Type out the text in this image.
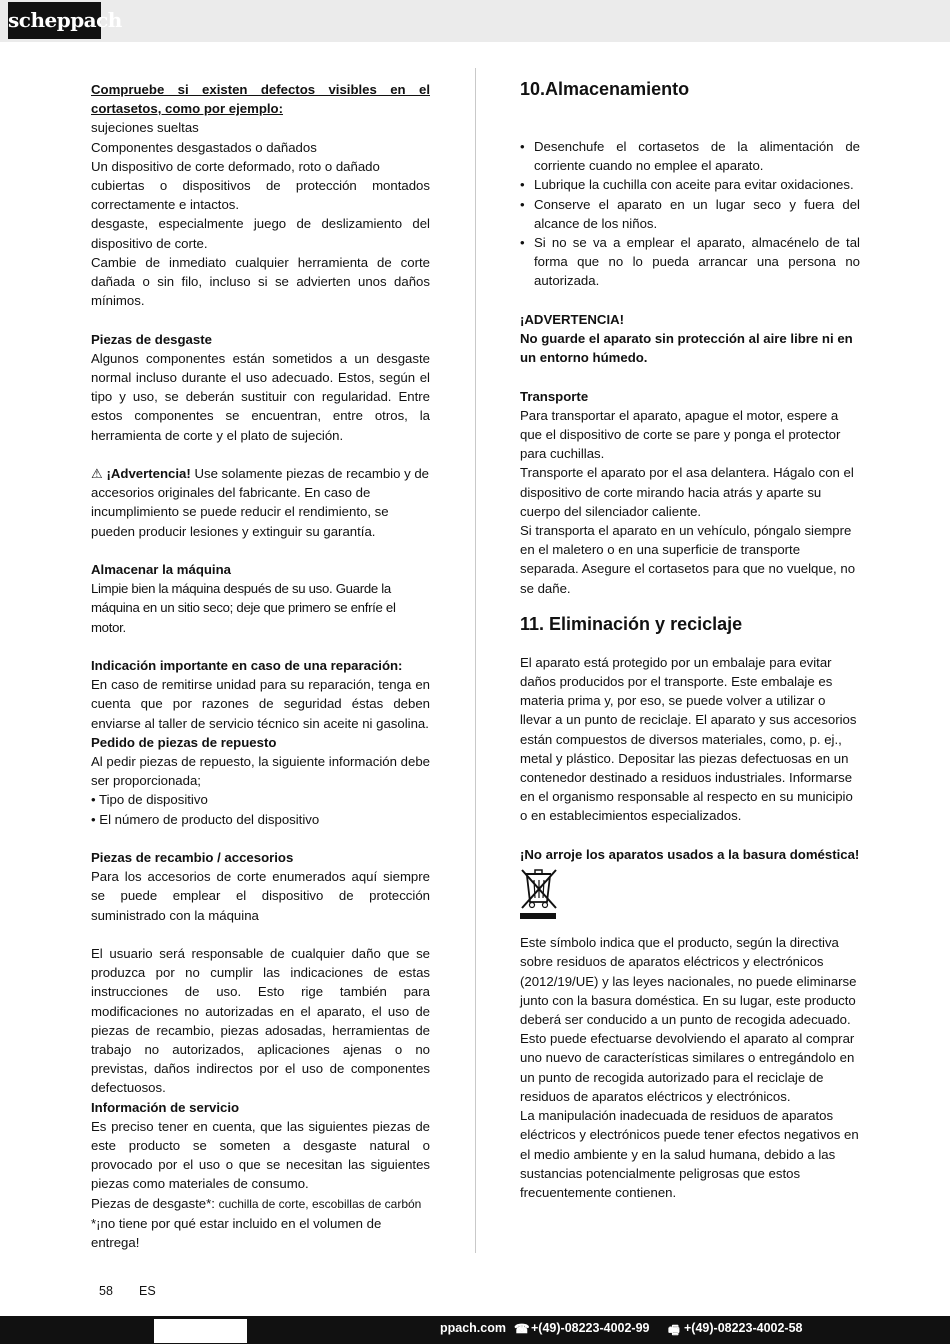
scheppach

Compruebe si existen defectos visibles en el cortasetos, como por ejemplo:

sujeciones sueltas

Componentes desgastados o dañados

Un dispositivo de corte deformado, roto o dañado

cubiertas o dispositivos de protección montados correctamente e intactos.

desgaste, especialmente juego de deslizamiento del dispositivo de corte.

Cambie de inmediato cualquier herramienta de corte dañada o sin filo, incluso si se advierten unos daños mínimos.

Piezas de desgaste

Algunos componentes están sometidos a un desgaste normal incluso durante el uso adecuado. Estos, según el tipo y uso, se deberán sustituir con regularidad. Entre estos componentes se encuentran, entre otros, la herramienta de corte y el plato de sujeción.

⚠ ¡Advertencia! Use solamente piezas de recambio y de accesorios originales del fabricante. En caso de incumplimiento se puede reducir el rendimiento, se pueden producir lesiones y extinguir su garantía.

Almacenar la máquina

Limpie bien la máquina después de su uso. Guarde la máquina en un sitio seco; deje que primero se enfríe el motor.

Indicación importante en caso de una reparación:

En caso de remitirse unidad para su reparación, tenga en cuenta que por razones de seguridad éstas deben enviarse al taller de servicio técnico sin aceite ni gasolina.

Pedido de piezas de repuesto

Al pedir piezas de repuesto, la siguiente información debe ser proporcionada;

• Tipo de dispositivo

• El número de producto del dispositivo

Piezas de recambio / accesorios

Para los accesorios de corte enumerados aquí siempre se puede emplear el dispositivo de protección suministrado con la máquina

El usuario será responsable de cualquier daño que se produzca por no cumplir las indicaciones de estas instrucciones de uso. Esto rige también para modificaciones no autorizadas en el aparato, el uso de piezas de recambio, piezas adosadas, herramientas de trabajo no autorizados, aplicaciones ajenas o no previstas, daños indirectos por el uso de componentes defectuosos.

Información de servicio

Es preciso tener en cuenta, que las siguientes piezas de este producto se someten a desgaste natural o provocado por el uso o que se necesitan las siguientes piezas como materiales de consumo.

Piezas de desgaste*: cuchilla de corte, escobillas de carbón

*¡no tiene por qué estar incluido en el volumen de entrega!

10.Almacenamiento

• Desenchufe el cortasetos de la alimentación de corriente cuando no emplee el aparato.
• Lubrique la cuchilla con aceite para evitar oxidaciones.
• Conserve el aparato en un lugar seco y fuera del alcance de los niños.
• Si no se va a emplear el aparato, almacénelo de tal forma que no lo pueda arrancar una persona no autorizada.

¡ADVERTENCIA!

No guarde el aparato sin protección al aire libre ni en un entorno húmedo.

Transporte

Para transportar el aparato, apague el motor, espere a que el dispositivo de corte se pare y ponga el protector para cuchillas.

Transporte el aparato por el asa delantera. Hágalo con el dispositivo de corte mirando hacia atrás y aparte su cuerpo del silenciador caliente.

Si transporta el aparato en un vehículo, póngalo siempre en el maletero o en una superficie de transporte separada. Asegure el cortasetos para que no vuelque, no se dañe.

11. Eliminación y reciclaje

El aparato está protegido por un embalaje para evitar daños producidos por el transporte. Este embalaje es materia prima y, por eso, se puede volver a utilizar o llevar a un punto de reciclaje. El aparato y sus accesorios están compuestos de diversos materiales, como, p. ej., metal y plástico. Depositar las piezas defectuosas en un contenedor destinado a residuos industriales. Informarse en el organismo responsable al respecto en su municipio o en establecimientos especializados.

¡No arroje los aparatos usados a la basura doméstica!

Este símbolo indica que el producto, según la directiva sobre residuos de aparatos eléctricos y electrónicos (2012/19/UE) y las leyes nacionales, no puede eliminarse junto con la basura doméstica. En su lugar, este producto deberá ser conducido a un punto de recogida adecuado. Esto puede efectuarse devolviendo el aparato al comprar uno nuevo de características similares o entregándolo en un punto de recogida autorizado para el reciclaje de residuos de aparatos eléctricos y electrónicos.

La manipulación inadecuada de residuos de aparatos eléctricos y electrónicos puede tener efectos negativos en el medio ambiente y en la salud humana, debido a las sustancias potencialmente peligrosas que estos frecuentemente contienen.

58 ES
ppach.com ☎ +(49)-08223-4002-99 🖷 +(49)-08223-4002-58
